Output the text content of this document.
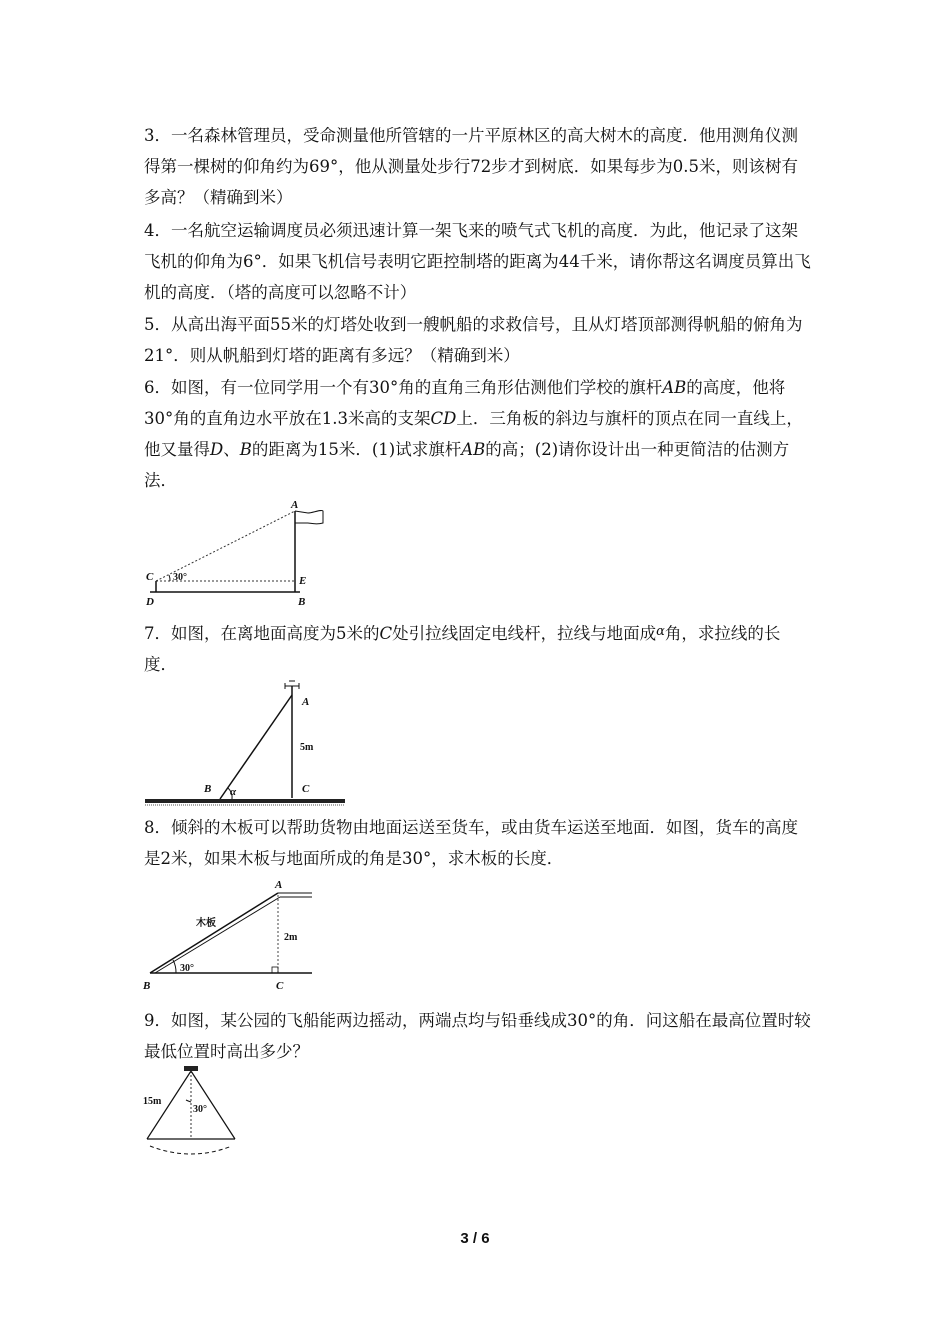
3．一名森林管理员，受命测量他所管辖的一片平原林区的高大树木的高度．他用测角仪测得第一棵树的仰角约为69°，他从测量处步行72步才到树底．如果每步为0.5米，则该树有多高？（精确到米）

4．一名航空运输调度员必须迅速计算一架飞来的喷气式飞机的高度．为此，他记录了这架飞机的仰角为6°．如果飞机信号表明它距控制塔的距离为44千米，请你帮这名调度员算出飞机的高度．（塔的高度可以忽略不计）

5．从高出海平面55米的灯塔处收到一艘帆船的求救信号，且从灯塔顶部测得帆船的俯角为21°．则从帆船到灯塔的距离有多远？（精确到米）

6．如图，有一位同学用一个有30°角的直角三角形估测他们学校的旗杆AB的高度，他将30°角的直角边水平放在1.3米高的支架CD上．三角板的斜边与旗杆的顶点在同一直线上，他又量得D、B的距离为15米．(1)试求旗杆AB的高；(2)请你设计出一种更简洁的估测方法．

A
C 30°	E
D	B

7．如图，在离地面高度为5米的C处引拉线固定电线杆，拉线与地面成$^\alpha$角，求拉线的长度．

A
5m
B α	C

8．倾斜的木板可以帮助货物由地面运送至货车，或由货车运送至地面．如图，货车的高度是2米，如果木板与地面所成的角是30°，求木板的长度．

A
木板
2m
30°
B	C

9．如图，某公园的飞船能两边摇动，两端点均与铅垂线成30°的角．问这船在最高位置时较最低位置时高出多少？

15m
30°
3 / 6
